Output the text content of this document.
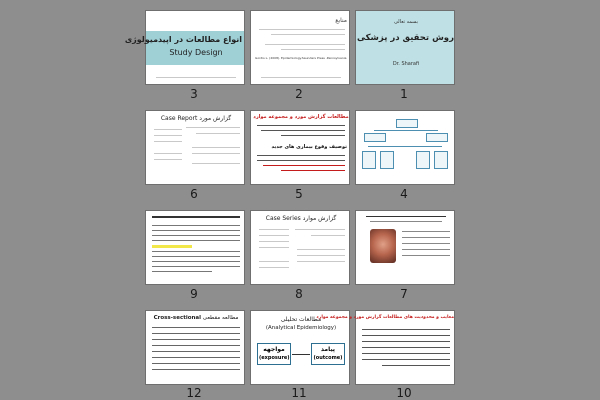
انواع مطالعات در اپیدمیولوژی
Study Design
3
منابع
Gordis L. (2008). Epidemiology.Saunders Press .Pennsylvania
2
بسمه تعالی
روش تحقیق در پزشکی
Dr. Sharafi
1
Case Report گزارش مورد
6
مطالعات گزارش مورد و مجموعه موارد
توصیف وقوع بیماری های جدید
5	4
9
Case Series گزارش موارد
8	7
Cross-sectional مطالعه مقطعی
12
مطالعات تحلیلی
(Analytical Epidemiology)
مواجهه
(exposure)
پیامد
(outcome)
11
معایب و محدودیت های مطالعات گزارش مورد و مجموعه موارد
10
